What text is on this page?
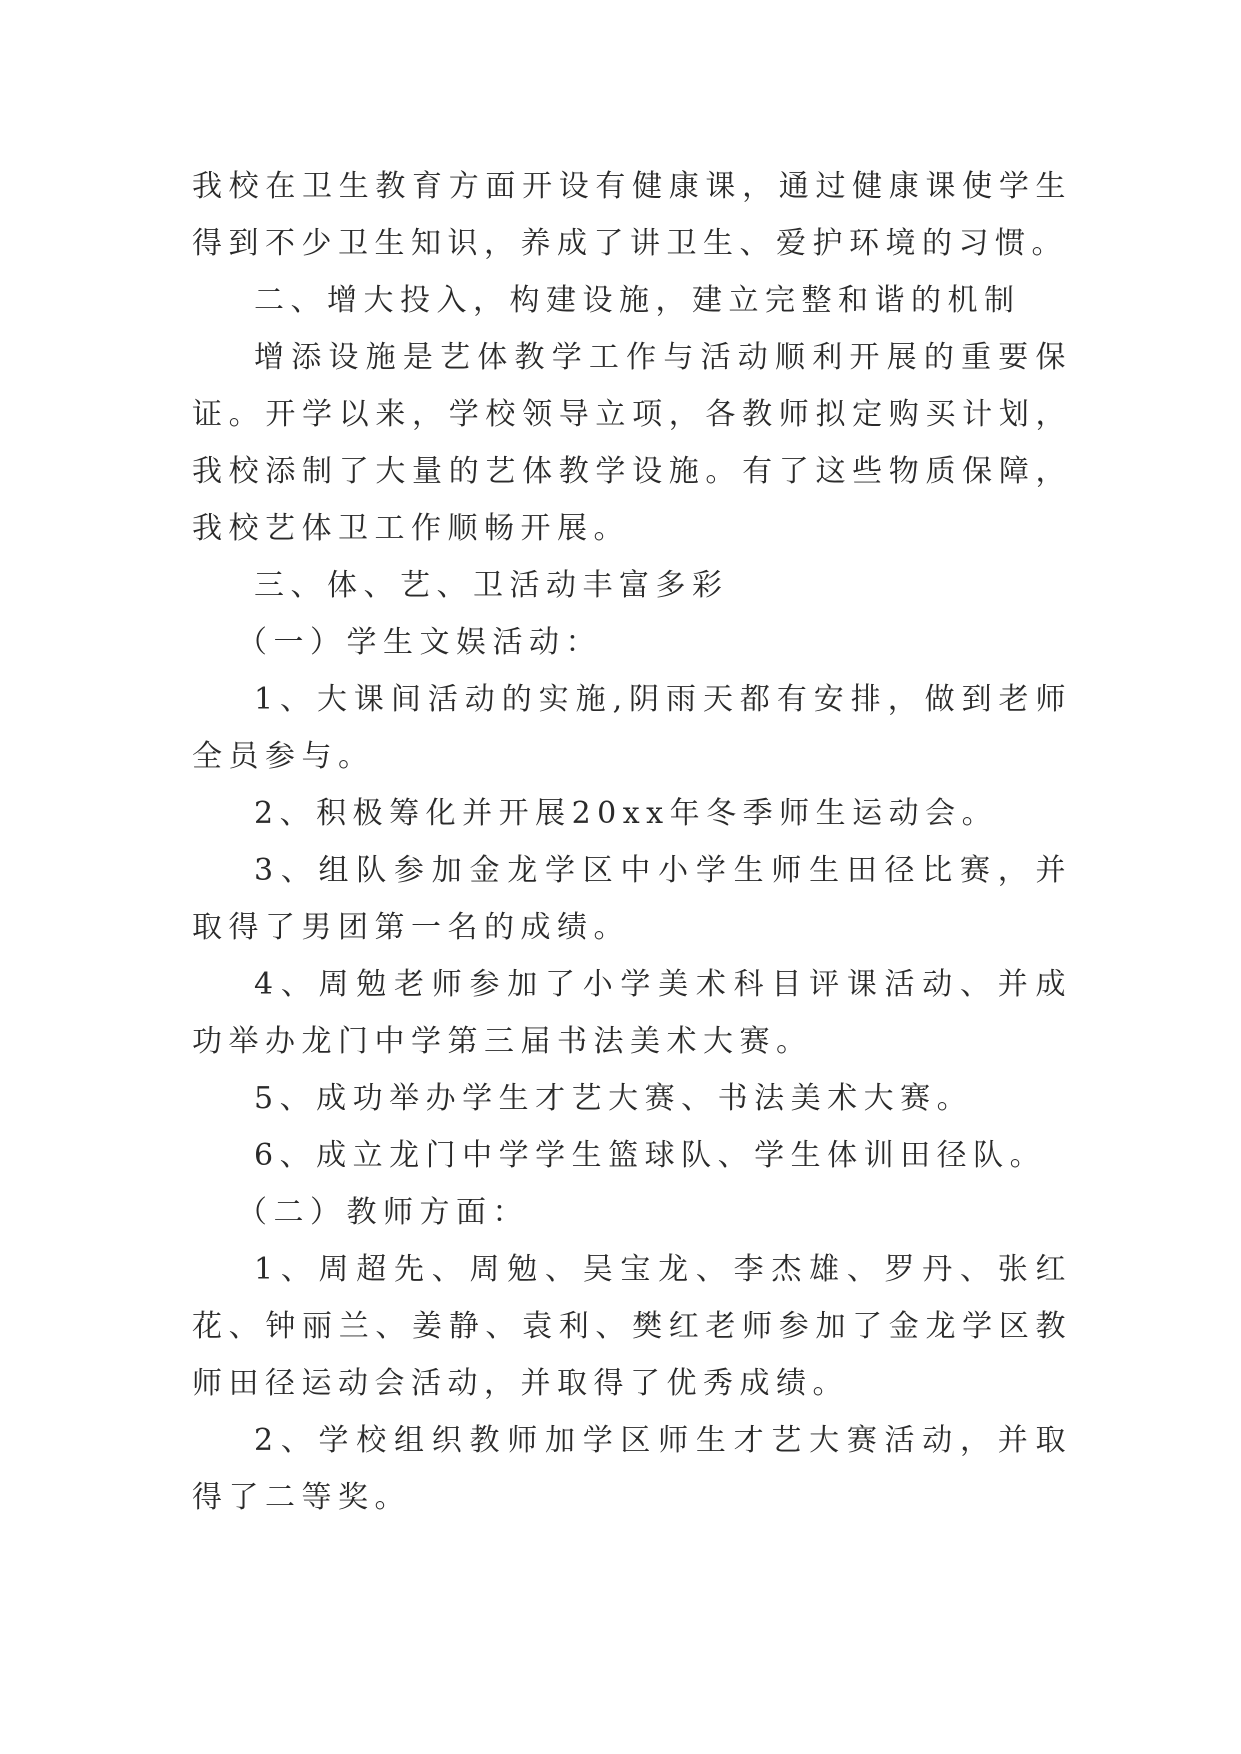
我校在卫生教育方面开设有健康课，通过健康课使学生得到不少卫生知识，养成了讲卫生、爱护环境的习惯。

二、增大投入，构建设施，建立完整和谐的机制

增添设施是艺体教学工作与活动顺利开展的重要保证。开学以来，学校领导立项，各教师拟定购买计划，我校添制了大量的艺体教学设施。有了这些物质保障，我校艺体卫工作顺畅开展。

三、体、艺、卫活动丰富多彩

（一）学生文娱活动：

1、大课间活动的实施,阴雨天都有安排，做到老师全员参与。

2、积极筹化并开展20xx年冬季师生运动会。

3、组队参加金龙学区中小学生师生田径比赛，并取得了男团第一名的成绩。

4、周勉老师参加了小学美术科目评课活动、并成功举办龙门中学第三届书法美术大赛。

5、成功举办学生才艺大赛、书法美术大赛。

6、成立龙门中学学生篮球队、学生体训田径队。

（二）教师方面：

1、周超先、周勉、吴宝龙、李杰雄、罗丹、张红花、钟丽兰、姜静、袁利、樊红老师参加了金龙学区教师田径运动会活动，并取得了优秀成绩。

2、学校组织教师加学区师生才艺大赛活动，并取得了二等奖。
